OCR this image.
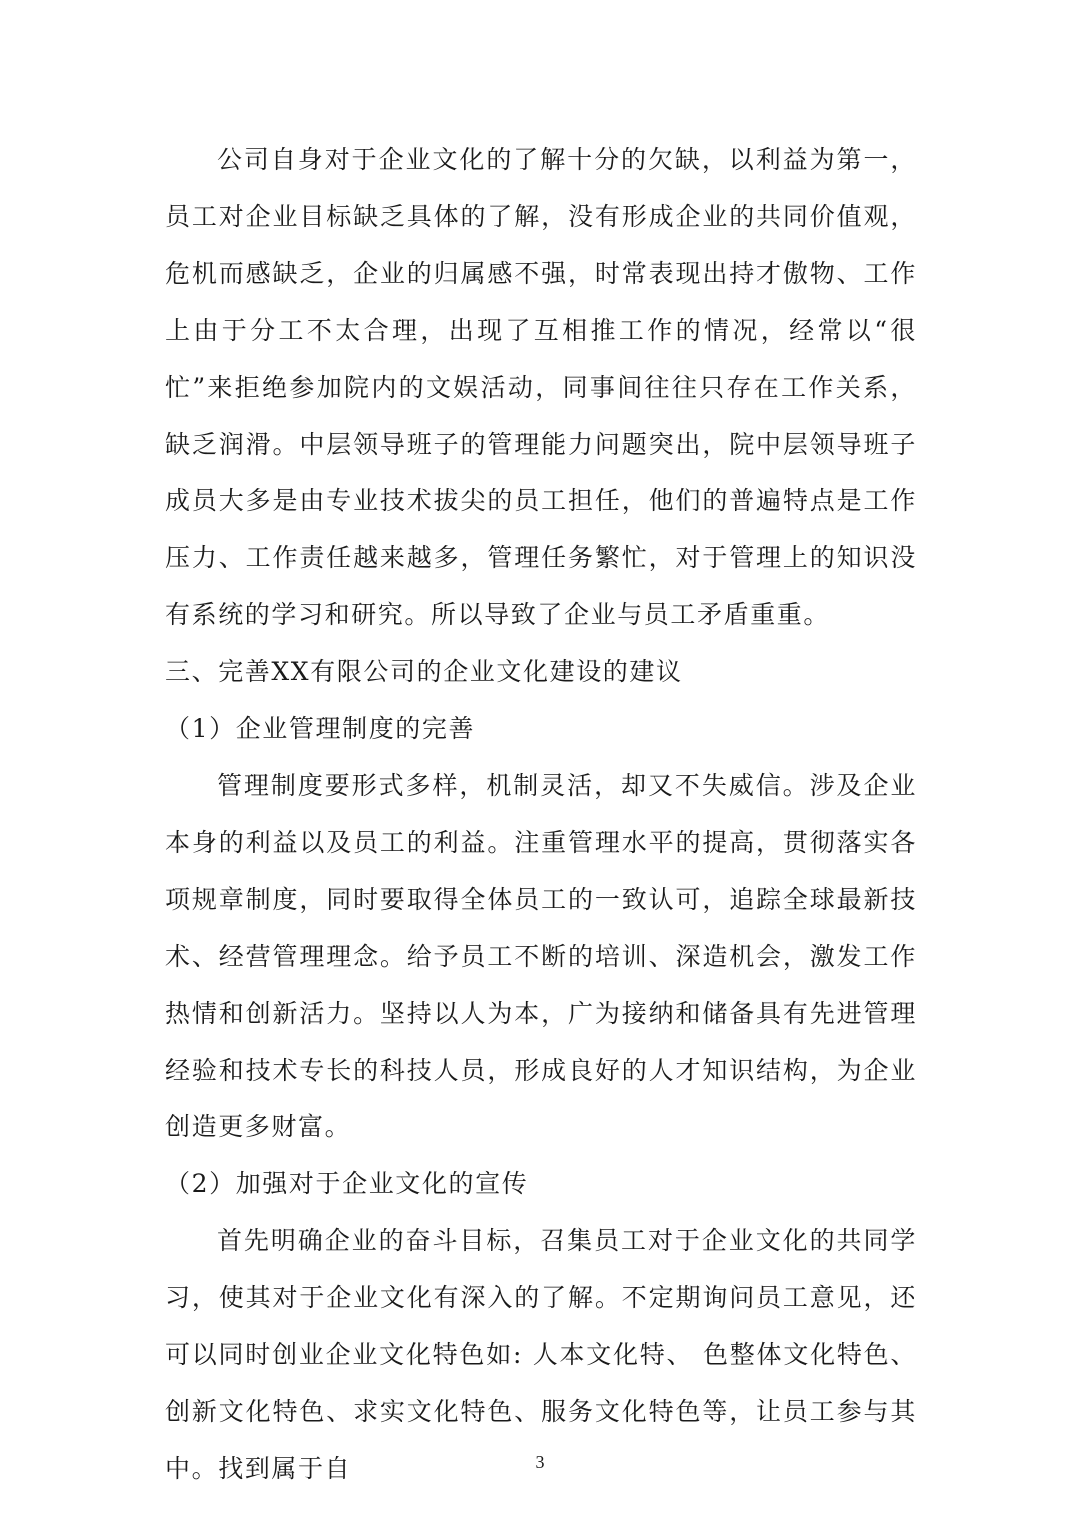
公司自身对于企业文化的了解十分的欠缺，以利益为第一，员工对企业目标缺乏具体的了解，没有形成企业的共同价值观，危机而感缺乏，企业的归属感不强，时常表现出持才傲物、工作上由于分工不太合理，出现了互相推工作的情况，经常以“很忙”来拒绝参加院内的文娱活动，同事间往往只存在工作关系，缺乏润滑。中层领导班子的管理能力问题突出，院中层领导班子成员大多是由专业技术拔尖的员工担任，他们的普遍特点是工作压力、工作责任越来越多，管理任务繁忙，对于管理上的知识没有系统的学习和研究。所以导致了企业与员工矛盾重重。

三、完善XX有限公司的企业文化建设的建议

（1）企业管理制度的完善

管理制度要形式多样，机制灵活，却又不失威信。涉及企业本身的利益以及员工的利益。注重管理水平的提高，贯彻落实各项规章制度，同时要取得全体员工的一致认可，追踪全球最新技术、经营管理理念。给予员工不断的培训、深造机会，激发工作热情和创新活力。坚持以人为本，广为接纳和储备具有先进管理经验和技术专长的科技人员，形成良好的人才知识结构，为企业创造更多财富。

（2）加强对于企业文化的宣传

首先明确企业的奋斗目标，召集员工对于企业文化的共同学习，使其对于企业文化有深入的了解。不定期询问员工意见，还可以同时创业企业文化特色如: 人本文化特、 色整体文化特色、创新文化特色、求实文化特色、服务文化特色等，让员工参与其中。找到属于自	3
